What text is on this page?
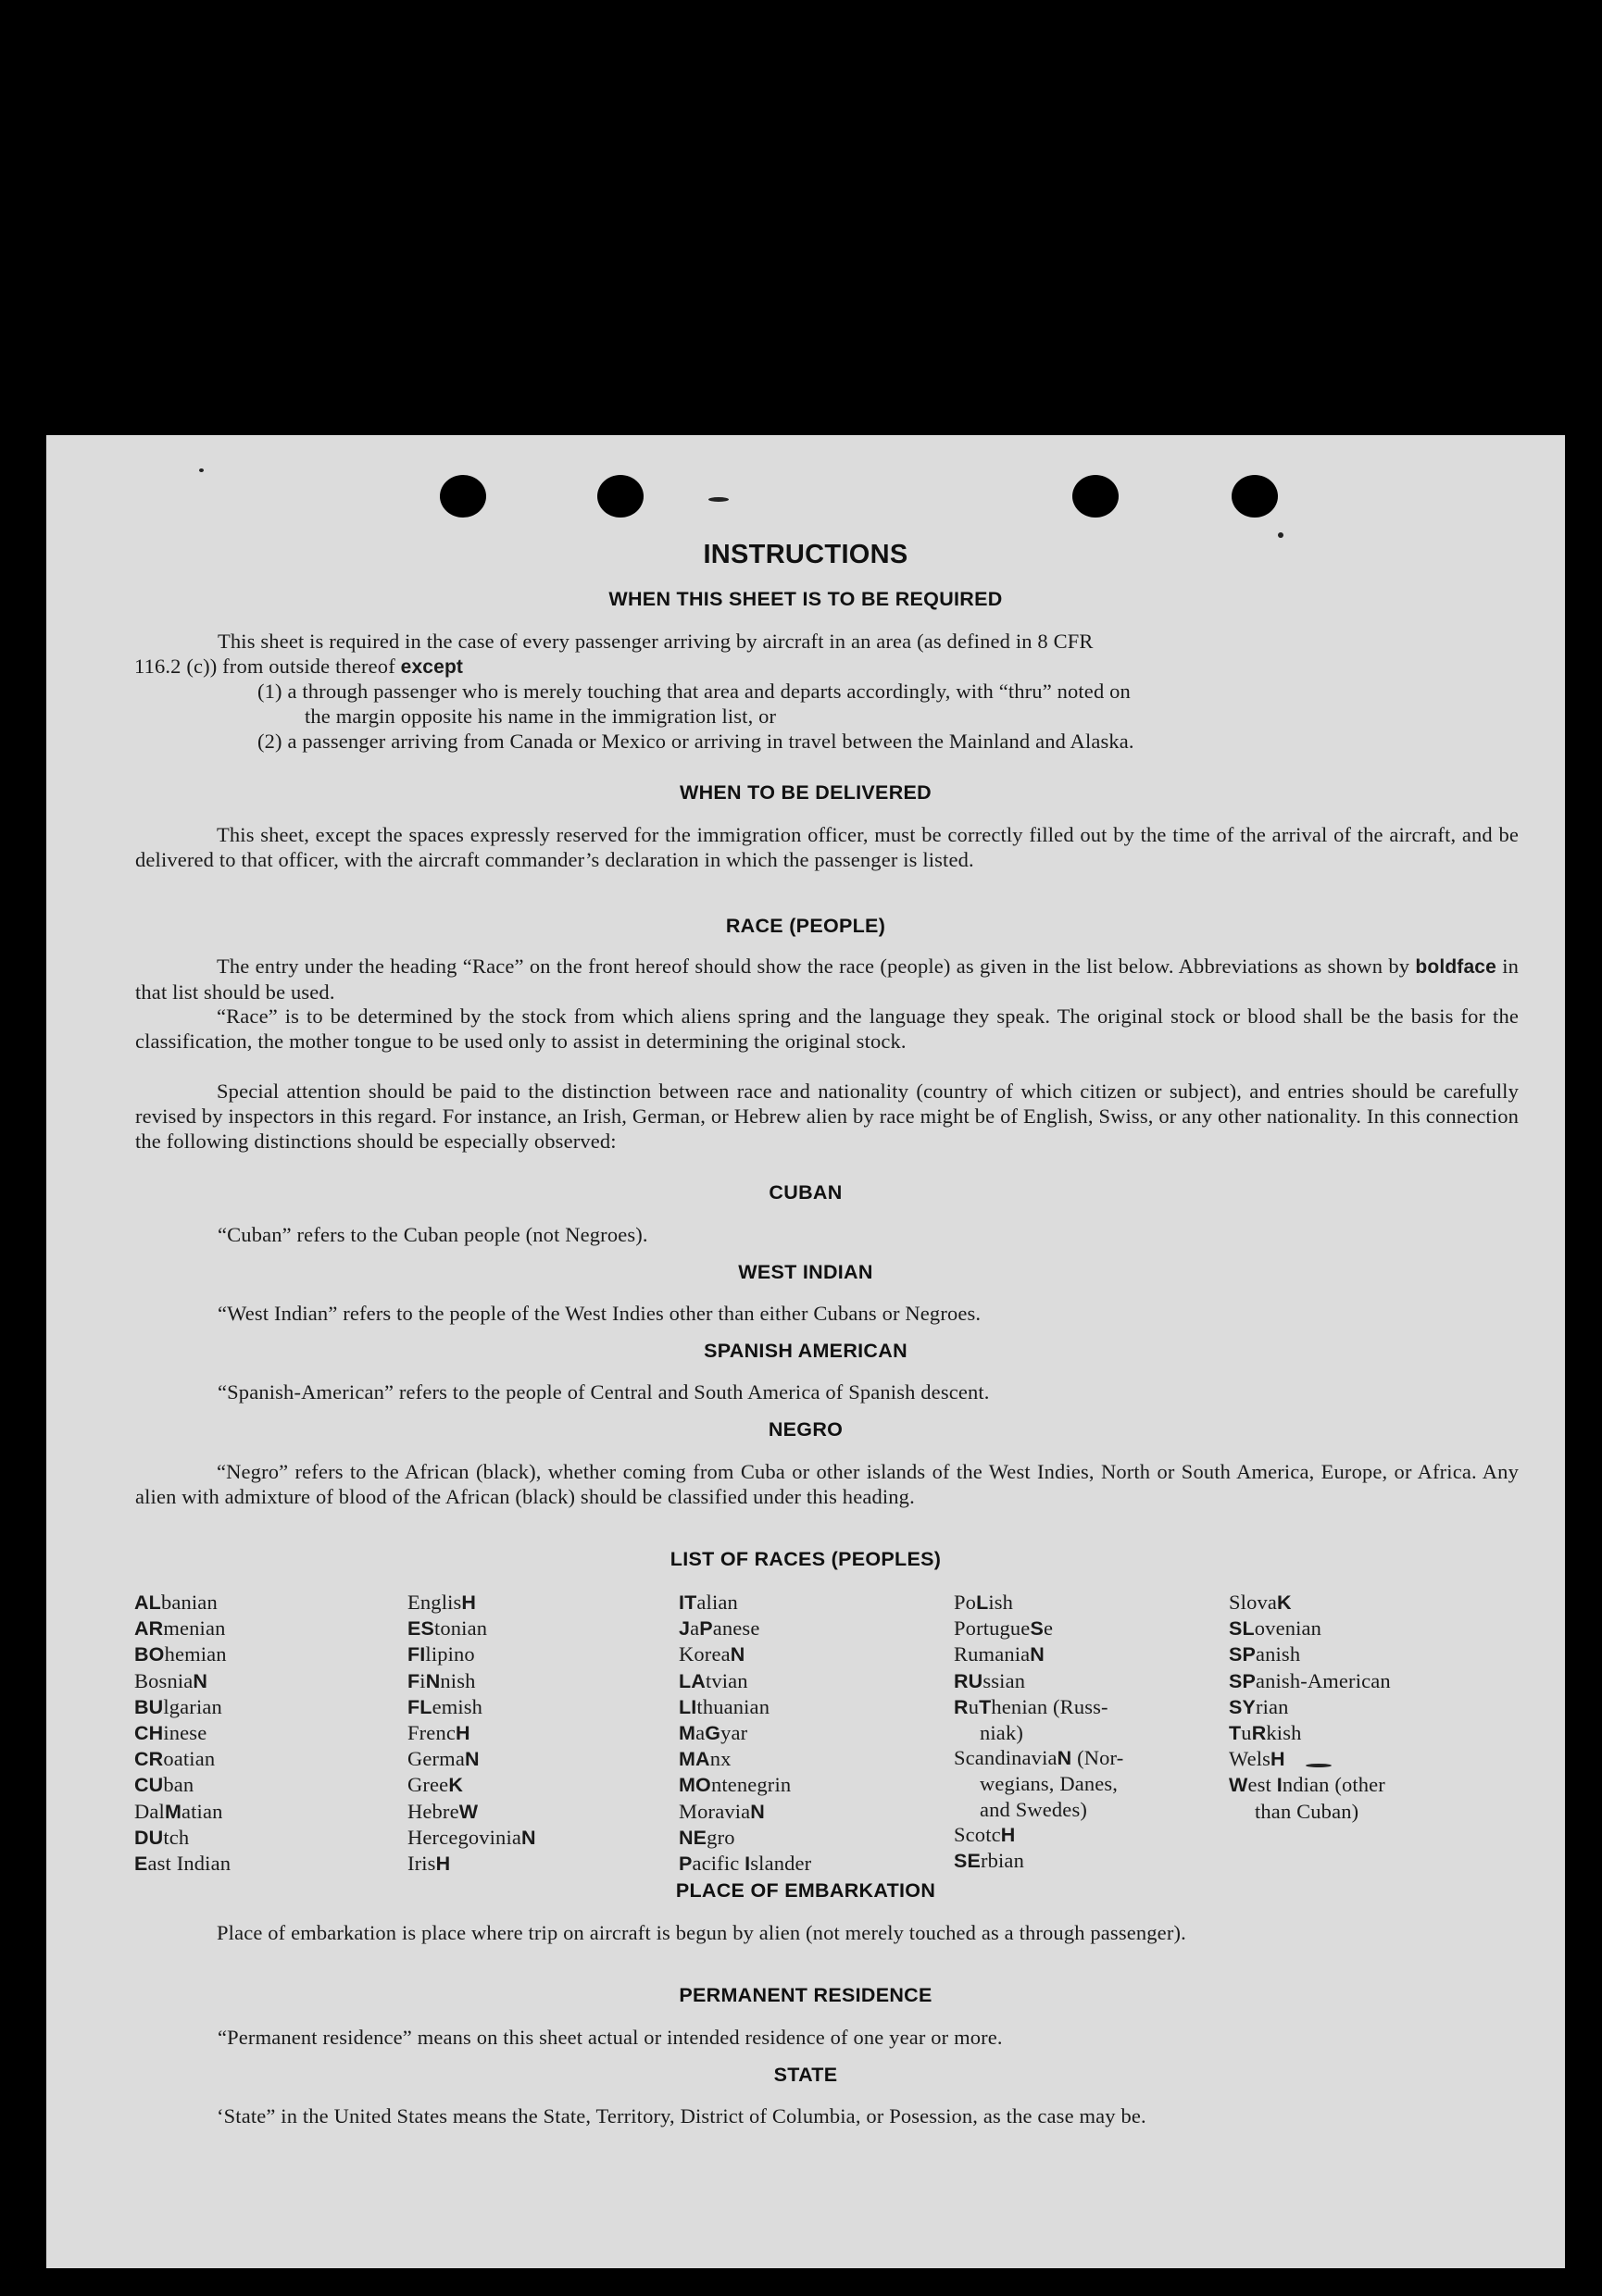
INSTRUCTIONS
WHEN THIS SHEET IS TO BE REQUIRED
This sheet is required in the case of every passenger arriving by aircraft in an area (as defined in 8 CFR
116.2 (c)) from outside thereof except
(1) a through passenger who is merely touching that area and departs accordingly, with “thru” noted on
the margin opposite his name in the immigration list, or
(2) a passenger arriving from Canada or Mexico or arriving in travel between the Mainland and Alaska.
WHEN TO BE DELIVERED

This sheet, except the spaces expressly reserved for the immigration officer, must be correctly filled out by the time of the arrival of the aircraft, and be delivered to that officer, with the aircraft commander’s declaration in which the passenger is listed.

RACE (PEOPLE)

The entry under the heading “Race” on the front hereof should show the race (people) as given in the list below. Abbreviations as shown by boldface in that list should be used.

“Race” is to be determined by the stock from which aliens spring and the language they speak. The original stock or blood shall be the basis for the classification, the mother tongue to be used only to assist in determining the original stock.

Special attention should be paid to the distinction between race and nationality (country of which citizen or subject), and entries should be carefully revised by inspectors in this regard. For instance, an Irish, German, or Hebrew alien by race might be of English, Swiss, or any other nationality. In this connection the following distinctions should be especially observed:

CUBAN
“Cuban” refers to the Cuban people (not Negroes).
WEST INDIAN
“West Indian” refers to the people of the West Indies other than either Cubans or Negroes.
SPANISH AMERICAN
“Spanish-American” refers to the people of Central and South America of Spanish descent.
NEGRO

“Negro” refers to the African (black), whether coming from Cuba or other islands of the West Indies, North or South America, Europe, or Africa. Any alien with admixture of blood of the African (black) should be classified under this heading.

LIST OF RACES (PEOPLES)
ALbanian
ARmenian
BOhemian
BosniaN
BUlgarian
CHinese
CRoatian
CUban
DalMatian
DUtch
East Indian
EnglisH
EStonian
FIlipino
FiNnish
FLemish
FrencH
GermaN
GreeK
HebreW
HercegoviniaN
IrisH
ITalian
JaPanese
KoreaN
LAtvian
LIthuanian
MaGyar
MAnx
MOntenegrin
MoraviaN
NEgro
Pacific Islander
PoLish
PortugueSe
RumaniaN
RUssian
RuThenian (Russ-
niak)
ScandinaviaN (Nor-
wegians, Danes,
and Swedes)
ScotcH
SErbian
SlovaK
SLovenian
SPanish
SPanish-American
SYrian
TuRkish
WelsH
West Indian (other
than Cuban)
PLACE OF EMBARKATION

Place of embarkation is place where trip on aircraft is begun by alien (not merely touched as a through passenger).

PERMANENT RESIDENCE
“Permanent residence” means on this sheet actual or intended residence of one year or more.
STATE

‘State” in the United States means the State, Territory, District of Columbia, or Posession, as the case may be.
